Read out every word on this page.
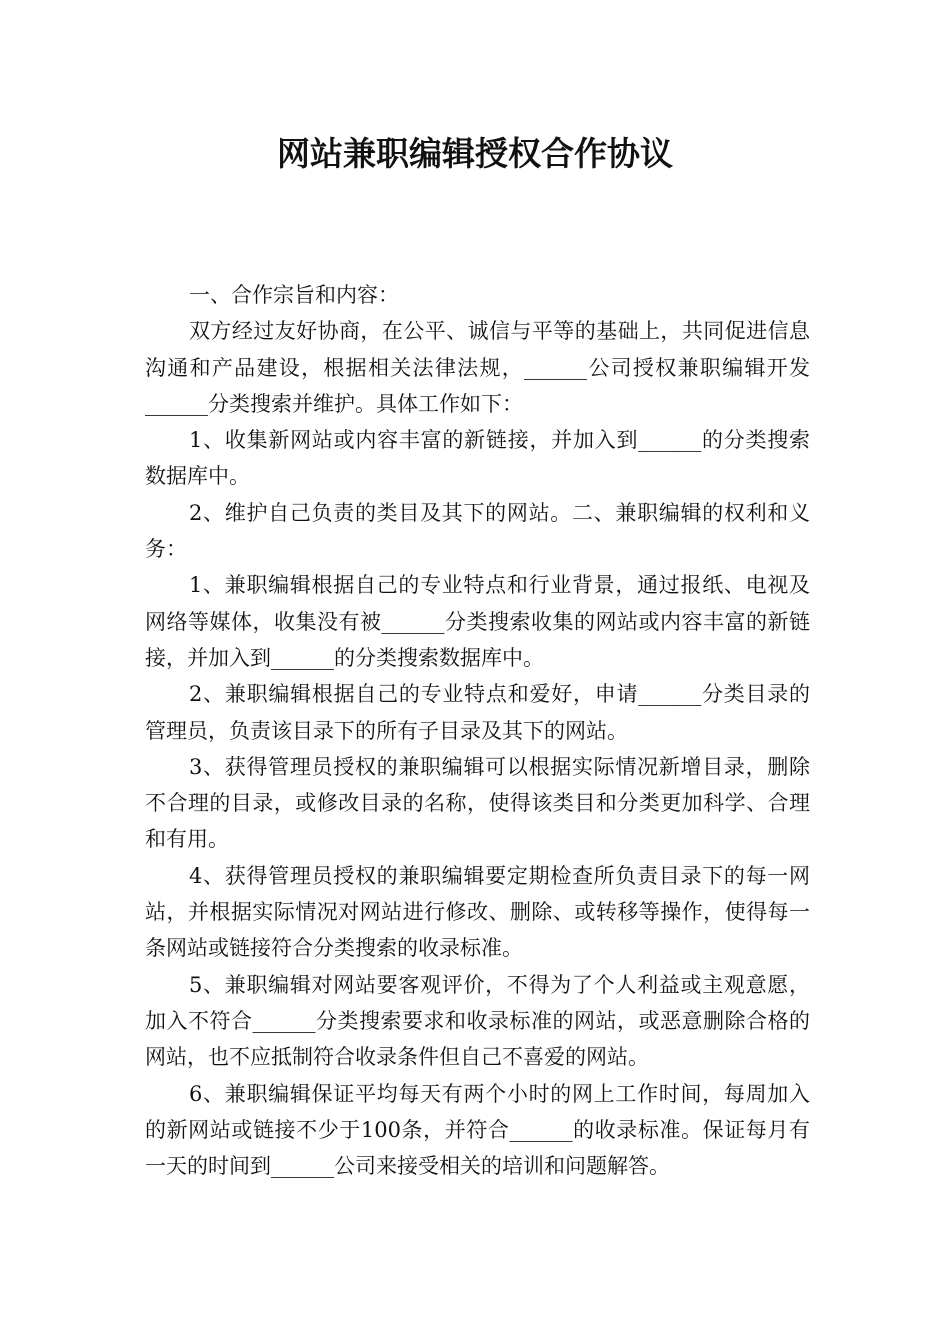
网站兼职编辑授权合作协议

一、合作宗旨和内容：

双方经过友好协商，在公平、诚信与平等的基础上，共同促进信息沟通和产品建设，根据相关法律法规，______公司授权兼职编辑开发______分类搜索并维护。具体工作如下：

1、收集新网站或内容丰富的新链接，并加入到______的分类搜索数据库中。

2、维护自己负责的类目及其下的网站。二、兼职编辑的权利和义务：

1、兼职编辑根据自己的专业特点和行业背景，通过报纸、电视及网络等媒体，收集没有被______分类搜索收集的网站或内容丰富的新链接，并加入到______的分类搜索数据库中。

2、兼职编辑根据自己的专业特点和爱好，申请______分类目录的管理员，负责该目录下的所有子目录及其下的网站。

3、获得管理员授权的兼职编辑可以根据实际情况新增目录，删除不合理的目录，或修改目录的名称，使得该类目和分类更加科学、合理和有用。

4、获得管理员授权的兼职编辑要定期检查所负责目录下的每一网站，并根据实际情况对网站进行修改、删除、或转移等操作，使得每一条网站或链接符合分类搜索的收录标准。

5、兼职编辑对网站要客观评价，不得为了个人利益或主观意愿，加入不符合______分类搜索要求和收录标准的网站，或恶意删除合格的网站，也不应抵制符合收录条件但自己不喜爱的网站。

6、兼职编辑保证平均每天有两个小时的网上工作时间，每周加入的新网站或链接不少于100条，并符合______的收录标准。保证每月有一天的时间到______公司来接受相关的培训和问题解答。
